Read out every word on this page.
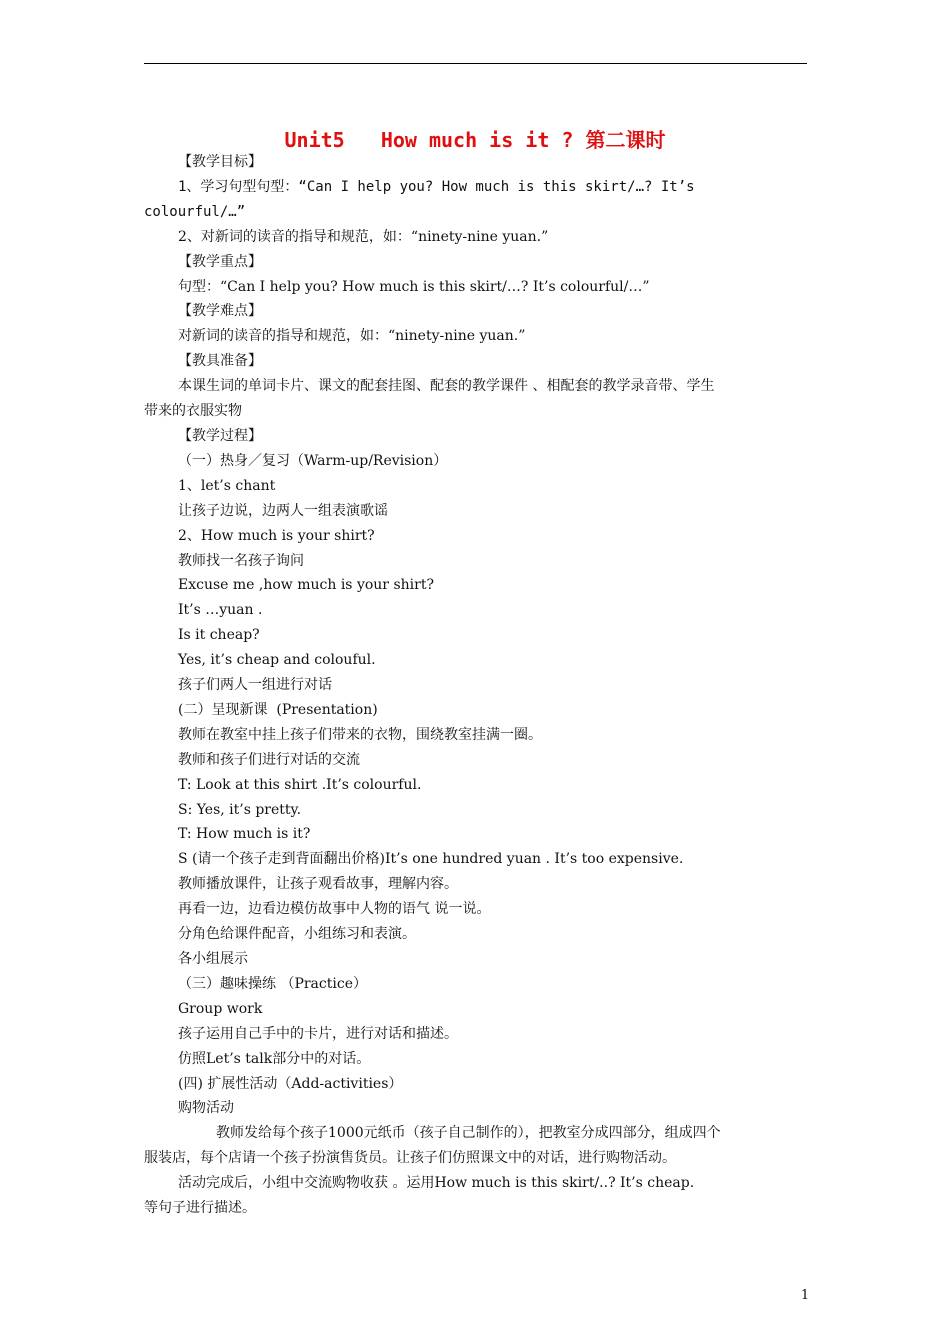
Unit5   How much is it ? 第二课时

【教学目标】

1、学习句型句型：“Can I help you? How much is this skirt/…? It’s

colourful/…”

2、对新词的读音的指导和规范，如：“ninety-nine yuan.”

【教学重点】

句型：“Can I help you? How much is this skirt/…? It’s colourful/…”

【教学难点】

对新词的读音的指导和规范，如：“ninety-nine yuan.”

【教具准备】

本课生词的单词卡片、课文的配套挂图、配套的教学课件 、相配套的教学录音带、学生

带来的衣服实物

【教学过程】

（一）热身／复习（Warm-up/Revision）

1、let’s chant

让孩子边说，边两人一组表演歌谣

2、How much is your shirt?

教师找一名孩子询问

Excuse me ,how much is your shirt?

It’s …yuan .

Is it cheap?

Yes, it’s cheap and colouful.

孩子们两人一组进行对话

(二）呈现新课  (Presentation)

教师在教室中挂上孩子们带来的衣物，围绕教室挂满一圈。

教师和孩子们进行对话的交流

T: Look at this shirt .It’s colourful.

S: Yes, it’s pretty.

T: How much is it?

S (请一个孩子走到背面翻出价格)It’s one hundred yuan . It’s too expensive.

教师播放课件，让孩子观看故事，理解内容。

再看一边，边看边模仿故事中人物的语气 说一说。

分角色给课件配音，小组练习和表演。

各小组展示

（三）趣味操练 （Practice）

Group work

孩子运用自己手中的卡片，进行对话和描述。

仿照Let’s talk部分中的对话。

(四) 扩展性活动（Add-activities）

购物活动

教师发给每个孩子1000元纸币（孩子自己制作的），把教室分成四部分，组成四个

服装店，每个店请一个孩子扮演售货员。让孩子们仿照课文中的对话，进行购物活动。

活动完成后，小组中交流购物收获 。运用How much is this skirt/..? It’s cheap.

等句子进行描述。

1
